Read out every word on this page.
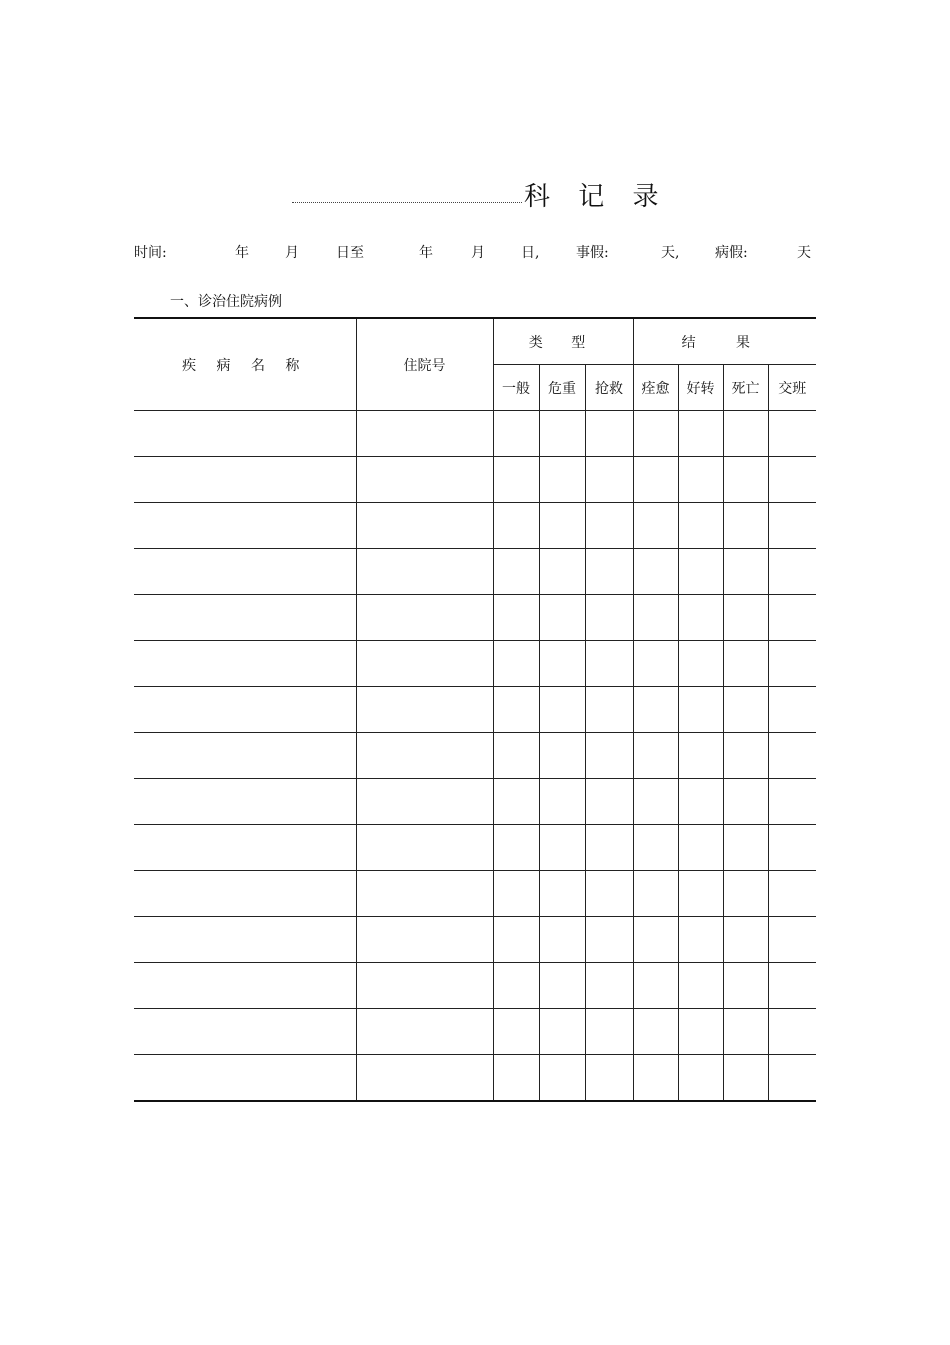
科 记 录
时间:	年	月	日至	年	月	日,	事假:	天,	病假:	天
一、诊治住院病例
疾 病 名 称	住院号	类 型			结 果			
		一般	危重	抢救	痊愈	好转	死亡	交班
